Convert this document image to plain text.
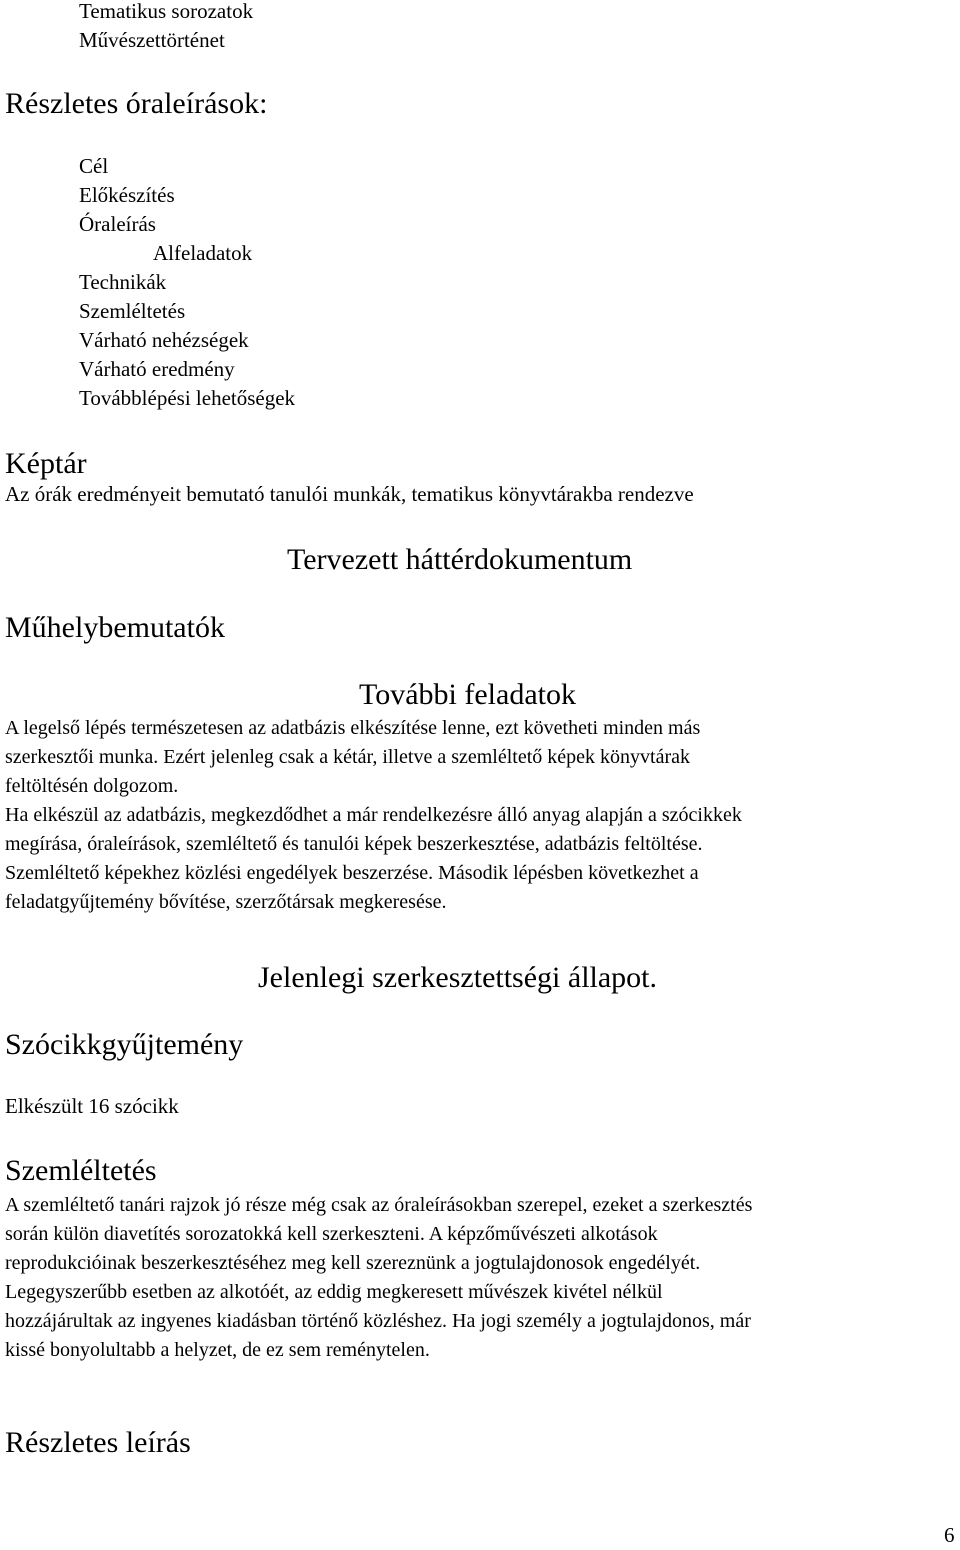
Tematikus sorozatok
Művészettörténet
Részletes óraleírások:
Cél
Előkészítés
Óraleírás
Alfeladatok
Technikák
Szemléltetés
Várható nehézségek
Várható eredmény
Továbblépési lehetőségek
Képtár
Az órák eredményeit bemutató tanulói munkák, tematikus könyvtárakba rendezve
Tervezett háttérdokumentum
Műhelybemutatók
További feladatok
A legelső lépés természetesen az adatbázis elkészítése lenne, ezt követheti minden más
szerkesztői munka. Ezért jelenleg csak a kétár, illetve a szemléltető képek könyvtárak
feltöltésén dolgozom.
Ha elkészül az adatbázis, megkezdődhet a már rendelkezésre álló anyag alapján a szócikkek
megírása, óraleírások, szemléltető és tanulói képek beszerkesztése, adatbázis feltöltése.
Szemléltető képekhez közlési engedélyek beszerzése. Második lépésben következhet a
feladatgyűjtemény bővítése, szerzőtársak megkeresése.
Jelenlegi szerkesztettségi állapot.
Szócikkgyűjtemény
Elkészült 16 szócikk
Szemléltetés
A szemléltető tanári rajzok jó része még csak az óraleírásokban szerepel, ezeket a szerkesztés
során külön diavetítés sorozatokká kell szerkeszteni. A képzőművészeti alkotások
reprodukcióinak beszerkesztéséhez meg kell szereznünk a jogtulajdonosok engedélyét.
Legegyszerűbb esetben az alkotóét, az eddig megkeresett művészek kivétel nélkül
hozzájárultak az ingyenes kiadásban történő közléshez. Ha jogi személy a jogtulajdonos, már
kissé bonyolultabb a helyzet, de ez sem reménytelen.
Részletes leírás
6
